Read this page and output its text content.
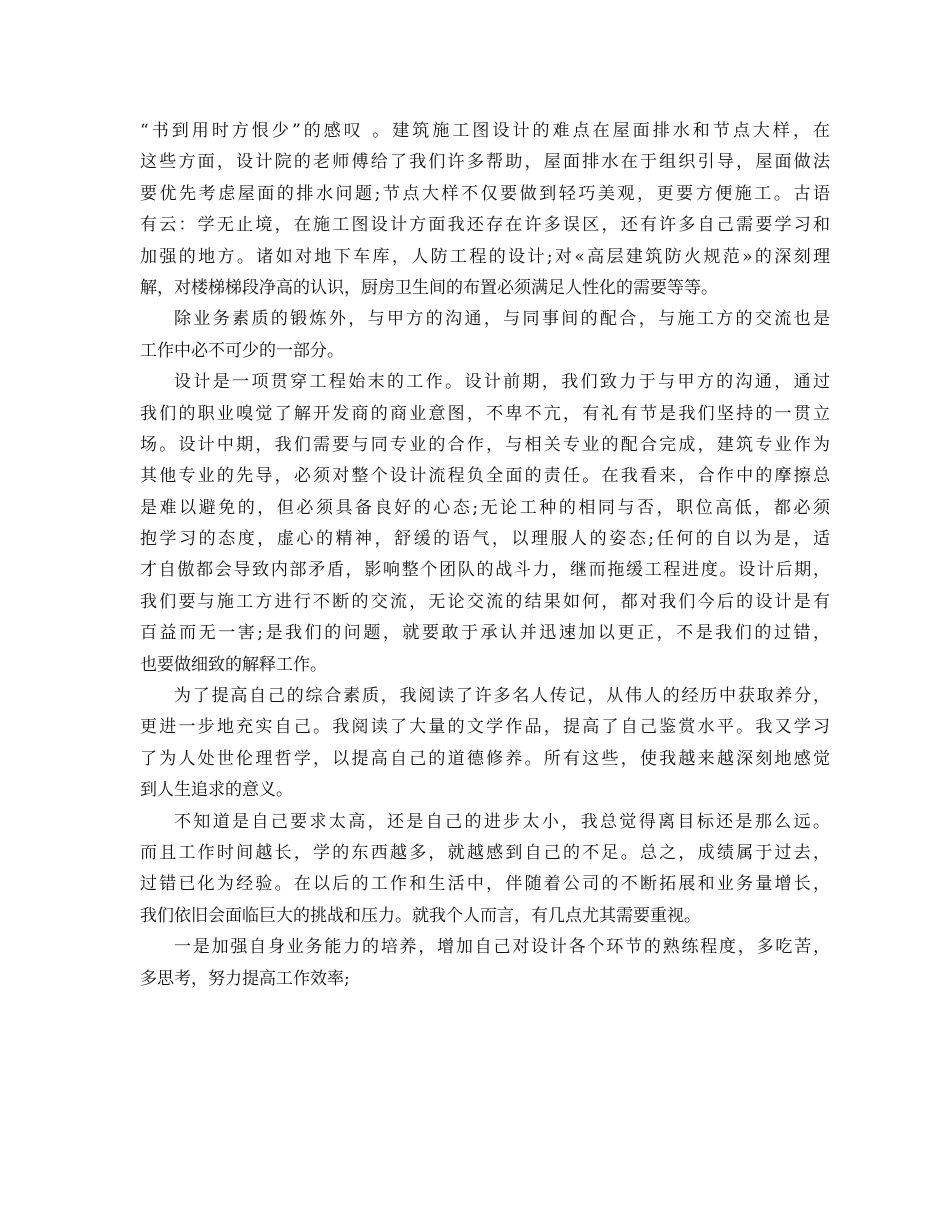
“书到用时方恨少”的感叹 。建筑施工图设计的难点在屋面排水和节点大样，在
这些方面，设计院的老师傅给了我们许多帮助，屋面排水在于组织引导，屋面做法
要优先考虑屋面的排水问题;节点大样不仅要做到轻巧美观，更要方便施工。古语
有云：学无止境，在施工图设计方面我还存在许多误区，还有许多自己需要学习和
加强的地方。诸如对地下车库，人防工程的设计;对«高层建筑防火规范»的深刻理
解，对楼梯梯段净高的认识，厨房卫生间的布置必须满足人性化的需要等等。
除业务素质的锻炼外，与甲方的沟通，与同事间的配合，与施工方的交流也是
工作中必不可少的一部分。
设计是一项贯穿工程始末的工作。设计前期，我们致力于与甲方的沟通，通过
我们的职业嗅觉了解开发商的商业意图，不卑不亢，有礼有节是我们坚持的一贯立
场。设计中期，我们需要与同专业的合作，与相关专业的配合完成，建筑专业作为
其他专业的先导，必须对整个设计流程负全面的责任。在我看来，合作中的摩擦总
是难以避免的，但必须具备良好的心态;无论工种的相同与否，职位高低，都必须
抱学习的态度，虚心的精神，舒缓的语气，以理服人的姿态;任何的自以为是，适
才自傲都会导致内部矛盾，影响整个团队的战斗力，继而拖缓工程进度。设计后期，
我们要与施工方进行不断的交流，无论交流的结果如何，都对我们今后的设计是有
百益而无一害;是我们的问题，就要敢于承认并迅速加以更正，不是我们的过错，
也要做细致的解释工作。
为了提高自己的综合素质，我阅读了许多名人传记，从伟人的经历中获取养分，
更进一步地充实自己。我阅读了大量的文学作品，提高了自己鉴赏水平。我又学习
了为人处世伦理哲学，以提高自己的道德修养。所有这些，使我越来越深刻地感觉
到人生追求的意义。
不知道是自己要求太高，还是自己的进步太小，我总觉得离目标还是那么远。
而且工作时间越长，学的东西越多，就越感到自己的不足。总之，成绩属于过去，
过错已化为经验。在以后的工作和生活中，伴随着公司的不断拓展和业务量增长，
我们依旧会面临巨大的挑战和压力。就我个人而言，有几点尤其需要重视。
一是加强自身业务能力的培养，增加自己对设计各个环节的熟练程度，多吃苦，
多思考，努力提高工作效率;
